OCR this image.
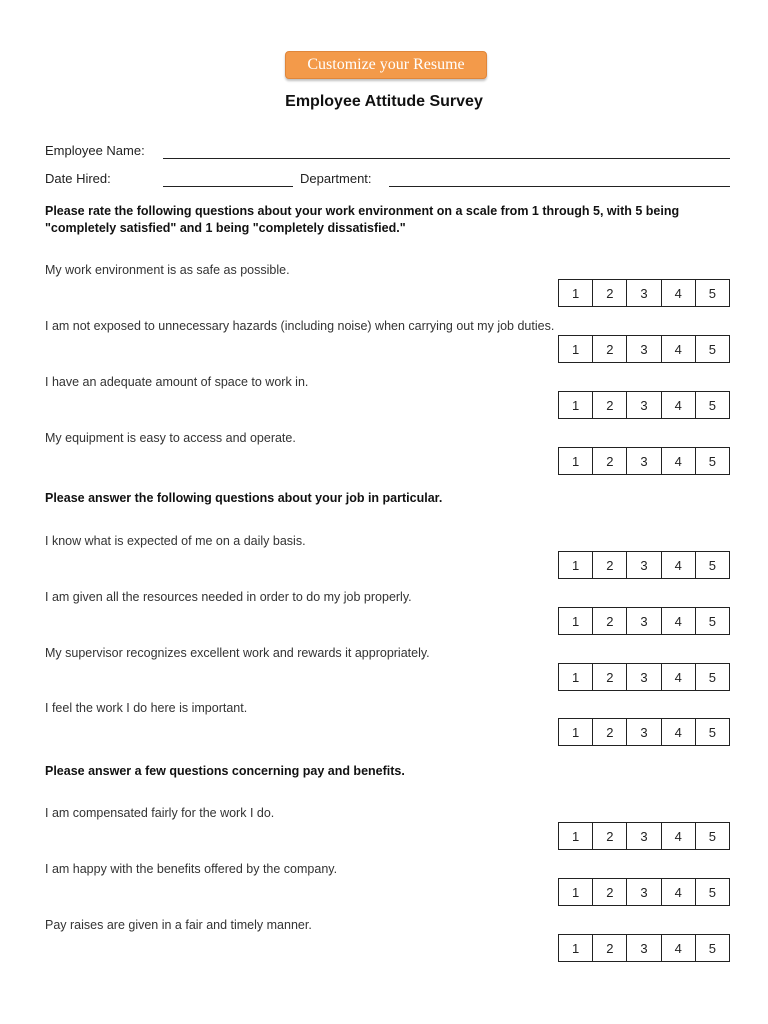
Customize your Resume
Employee Attitude Survey
Employee Name:
Date Hired:	Department:
Please rate the following questions about your work environment on a scale from 1 through 5, with 5 being "completely satisfied" and 1 being "completely dissatisfied."
My work environment is as safe as possible.
1	2	3	4	5
I am not exposed to unnecessary hazards (including noise) when carrying out my job duties.
1	2	3	4	5
I have an adequate amount of space to work in.
1	2	3	4	5
My equipment is easy to access and operate.
1	2	3	4	5
Please answer the following questions about your job in particular.
I know what is expected of me on a daily basis.
1	2	3	4	5
I am given all the resources needed in order to do my job properly.
1	2	3	4	5
My supervisor recognizes excellent work and rewards it appropriately.
1	2	3	4	5
I feel the work I do here is important.
1	2	3	4	5
Please answer a few questions concerning pay and benefits.
I am compensated fairly for the work I do.
1	2	3	4	5
I am happy with the benefits offered by the company.
1	2	3	4	5
Pay raises are given in a fair and timely manner.
1	2	3	4	5
